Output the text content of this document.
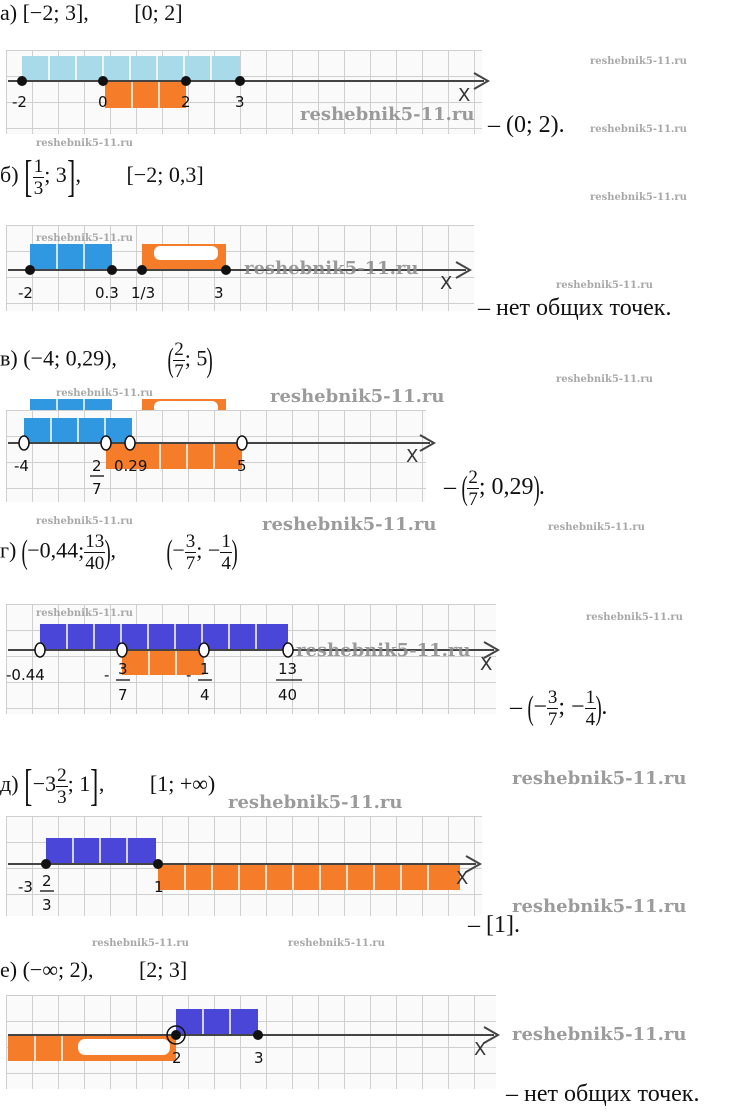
а) [−2; 3], [0; 2]
-2	0	2	3	X
– (0; 2).
б) [ $\frac{1}{3}$ ; 3], [−2; 0,3]
-2	0.3 1/3	3	X
– нет общих точек.
в) (−4; 0,29), ( $\frac{2}{7}$ ; 5)
-4	2
7
0.29	5	X
– ( $\frac{2}{7}$ ; 0,29).
г) (−0,44; $\frac{13}{40}$ ),  (− $\frac{3}{7}$ ; − $\frac{1}{4}$ )
-0.44	- 3
7
- 1
4
13
40
X
– (− $\frac{3}{7}$ ; − $\frac{1}{4}$ ).
д) [$-3 \frac{2}{3}$ ; 1], [1; +∞)
-3 2
3
1	X
– [1].
е) (−∞; 2), [2; 3]
2	3	X
– нет общих точек.
reshebnik5-11.ru
reshebnik5-11.ru
reshebnik5-11.ru
reshebnik5-11.ru
reshebnik5-11.ru
reshebnik5-11.ru
reshebnik5-11.ru
reshebnik5-11.ru
reshebnik5-11.ru
reshebnik5-11.ru	reshebnik5-11.ru
reshebnik5-11.ru	reshebnik5-11.ru	reshebnik5-11.ru
reshebnik5-11.ru	reshebnik5-11.ru
reshebnik5-11.ru
reshebnik5-11.ru
reshebnik5-11.ru
reshebnik5-11.ru
reshebnik5-11.ru	reshebnik5-11.ru
reshebnik5-11.ru
